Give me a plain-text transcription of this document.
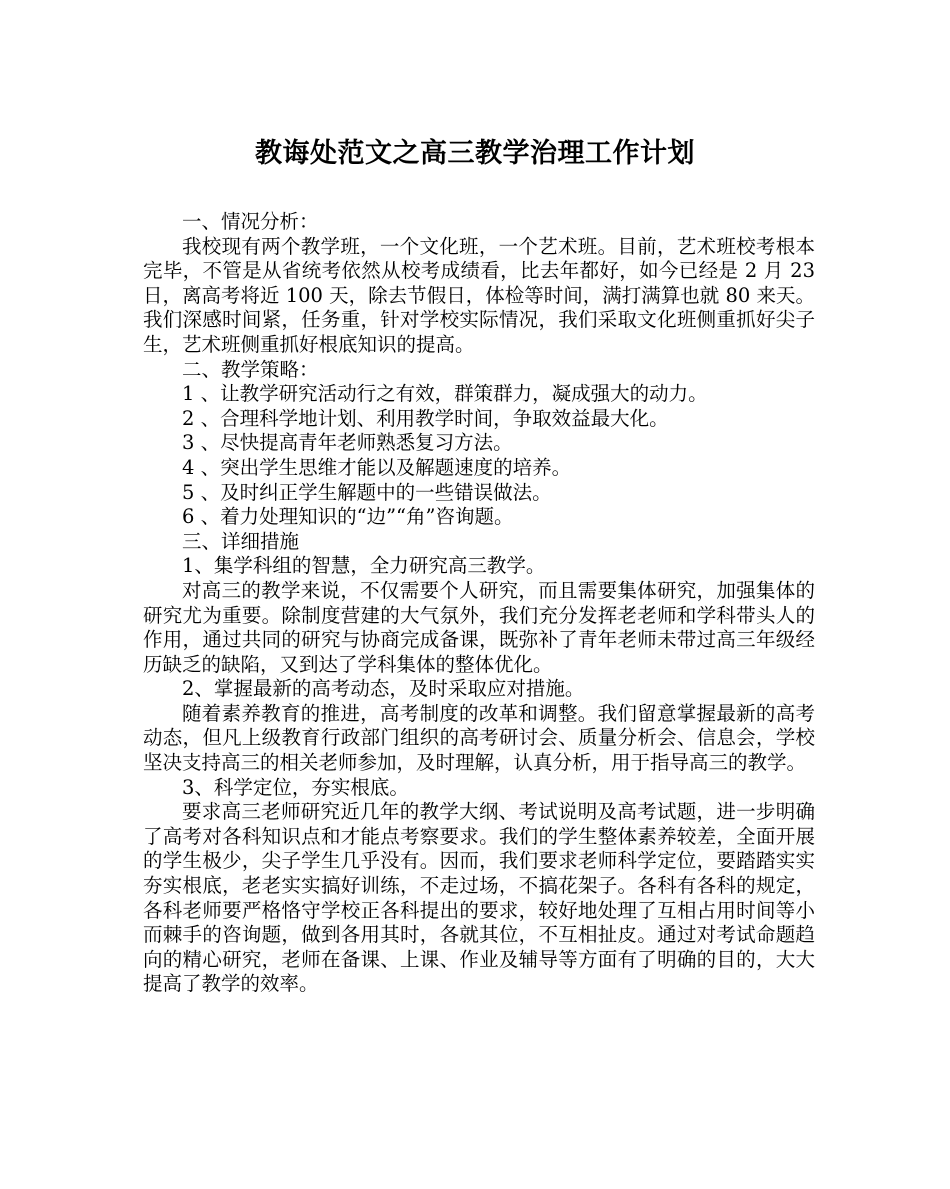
教诲处范文之高三教学治理工作计划

一、情况分析：

我校现有两个教学班，一个文化班，一个艺术班。目前，艺术班校考根本完毕，不管是从省统考依然从校考成绩看，比去年都好，如今已经是 2 月 23 日，离高考将近 100 天，除去节假日，体检等时间，满打满算也就 80 来天。我们深感时间紧，任务重，针对学校实际情况，我们采取文化班侧重抓好尖子生，艺术班侧重抓好根底知识的提高。

二、教学策略：

1 、让教学研究活动行之有效，群策群力，凝成强大的动力。

2 、合理科学地计划、利用教学时间，争取效益最大化。

3 、尽快提高青年老师熟悉复习方法。

4 、突出学生思维才能以及解题速度的培养。

5 、及时纠正学生解题中的一些错误做法。

6 、着力处理知识的“边”“角”咨询题。

三、详细措施

1、集学科组的智慧，全力研究高三教学。

对高三的教学来说，不仅需要个人研究，而且需要集体研究，加强集体的研究尤为重要。除制度营建的大气氛外，我们充分发挥老老师和学科带头人的作用，通过共同的研究与协商完成备课，既弥补了青年老师未带过高三年级经历缺乏的缺陷，又到达了学科集体的整体优化。

2、掌握最新的高考动态，及时采取应对措施。

随着素养教育的推进，高考制度的改革和调整。我们留意掌握最新的高考动态，但凡上级教育行政部门组织的高考研讨会、质量分析会、信息会，学校坚决支持高三的相关老师参加，及时理解，认真分析，用于指导高三的教学。

3、科学定位，夯实根底。

要求高三老师研究近几年的教学大纲、考试说明及高考试题，进一步明确了高考对各科知识点和才能点考察要求。我们的学生整体素养较差，全面开展的学生极少，尖子学生几乎没有。因而，我们要求老师科学定位，要踏踏实实夯实根底，老老实实搞好训练，不走过场，不搞花架子。各科有各科的规定，各科老师要严格恪守学校正各科提出的要求，较好地处理了互相占用时间等小而棘手的咨询题，做到各用其时，各就其位，不互相扯皮。通过对考试命题趋向的精心研究，老师在备课、上课、作业及辅导等方面有了明确的目的，大大提高了教学的效率。
